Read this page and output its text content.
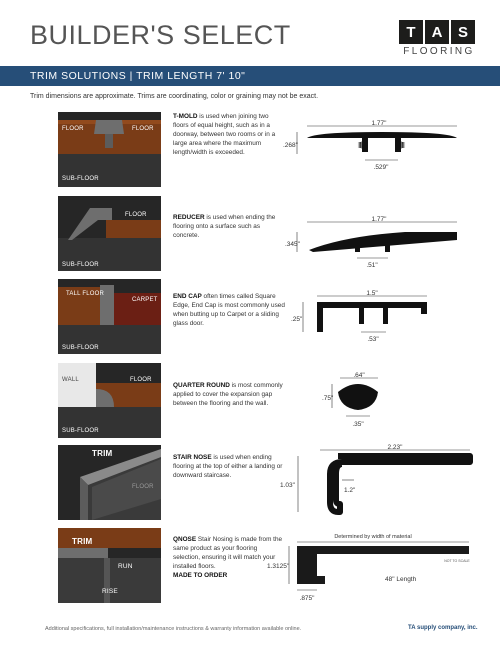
BUILDER'S SELECT	T	A	S
FLOORING
TRIM SOLUTIONS | TRIM LENGTH 7' 10"
Trim dimensions are approximate. Trims are coordinating, color or graining may not be exact.
FLOOR	FLOOR
SUB-FLOOR
T-MOLD is used when joining two floors of equal height, such as in a doorway, between two rooms or in a large area where the maximum length/width is exceeded.
1.77"
.268"
.529"
FLOOR
SUB-FLOOR
REDUCER is used when ending the flooring onto a surface such as concrete.
1.77"
.345"
.51"
TALL FLOOR
CARPET
SUB-FLOOR
END CAP often times called Square Edge, End Cap is most commonly used when butting up to Carpet or a sliding glass door.
1.5"
.25"
.53"
WALL	FLOOR
SUB-FLOOR
QUARTER ROUND is most commonly applied to cover the expansion gap between the flooring and the wall.
.64"
.75"
.35"
TRIM
FLOOR
STAIR NOSE is used when ending flooring at the top of either a landing or downward staircase.
2.23"
1.2"
1.03"
TRIM
RUN
RISE
QNOSE Stair Nosing is made from the same product as your flooring selection, ensuring it will match your installed floors.
MADE TO ORDER
Determined by width of material
NOT TO SCALE
1.3125"
.875"
48" Length
Additional specifications, full installation/maintenance instructions & warranty information available online.	TA supply company, inc.
